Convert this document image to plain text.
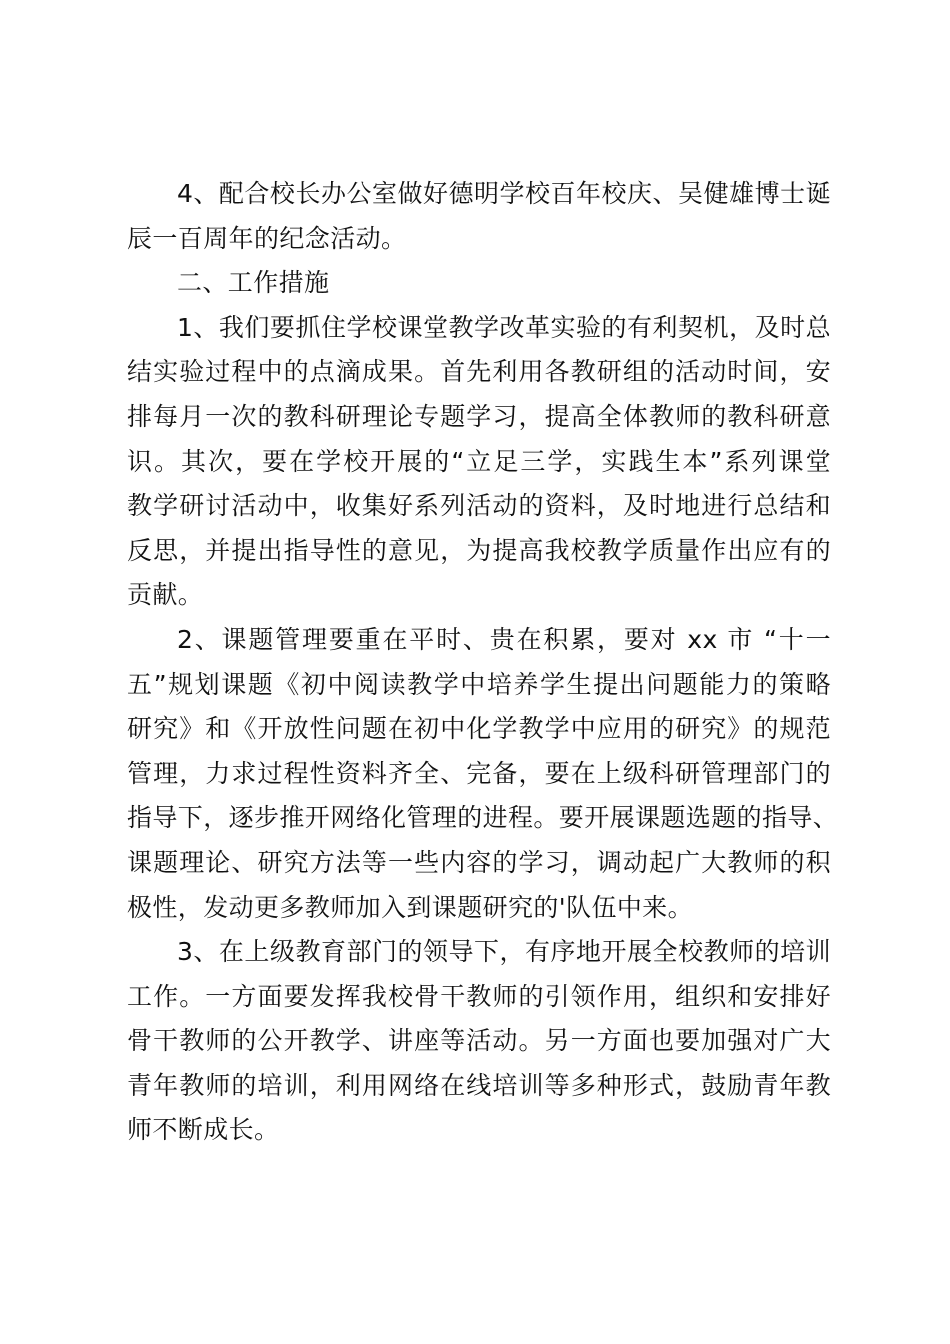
4、配合校长办公室做好德明学校百年校庆、吴健雄博士诞
辰一百周年的纪念活动。
二、工作措施
1、我们要抓住学校课堂教学改革实验的有利契机，及时总
结实验过程中的点滴成果。首先利用各教研组的活动时间，安
排每月一次的教科研理论专题学习，提高全体教师的教科研意
识。其次，要在学校开展的“立足三学，实践生本”系列课堂
教学研讨活动中，收集好系列活动的资料，及时地进行总结和
反思，并提出指导性的意见，为提高我校教学质量作出应有的
贡献。
2、课题管理要重在平时、贵在积累，要对 xx 市 “十一
五”规划课题《初中阅读教学中培养学生提出问题能力的策略
研究》和《开放性问题在初中化学教学中应用的研究》的规范
管理，力求过程性资料齐全、完备，要在上级科研管理部门的
指导下，逐步推开网络化管理的进程。要开展课题选题的指导、
课题理论、研究方法等一些内容的学习，调动起广大教师的积
极性，发动更多教师加入到课题研究的'队伍中来。
3、在上级教育部门的领导下，有序地开展全校教师的培训
工作。一方面要发挥我校骨干教师的引领作用，组织和安排好
骨干教师的公开教学、讲座等活动。另一方面也要加强对广大
青年教师的培训，利用网络在线培训等多种形式，鼓励青年教
师不断成长。
